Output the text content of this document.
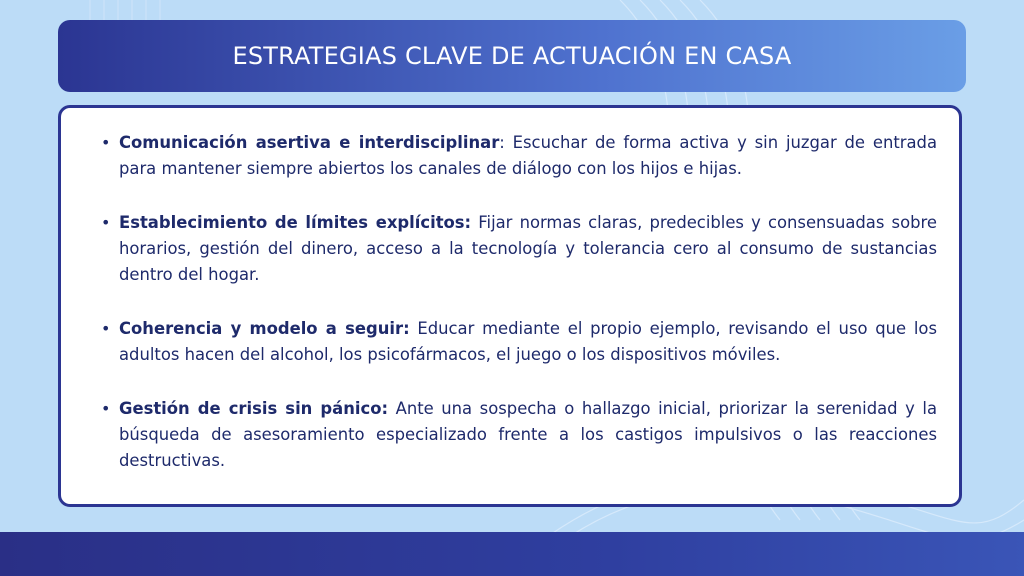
ESTRATEGIAS CLAVE DE ACTUACIÓN EN CASA
• Comunicación asertiva e interdisciplinar: Escuchar de forma activa y sin juzgar de entrada para mantener siempre abiertos los canales de diálogo con los hijos e hijas.
• Establecimiento de límites explícitos: Fijar normas claras, predecibles y consensuadas sobre horarios, gestión del dinero, acceso a la tecnología y tolerancia cero al consumo de sustancias dentro del hogar.
• Coherencia y modelo a seguir: Educar mediante el propio ejemplo, revisando el uso que los adultos hacen del alcohol, los psicofármacos, el juego o los dispositivos móviles.
• Gestión de crisis sin pánico: Ante una sospecha o hallazgo inicial, priorizar la serenidad y la búsqueda de asesoramiento especializado frente a los castigos impulsivos o las reacciones destructivas.
